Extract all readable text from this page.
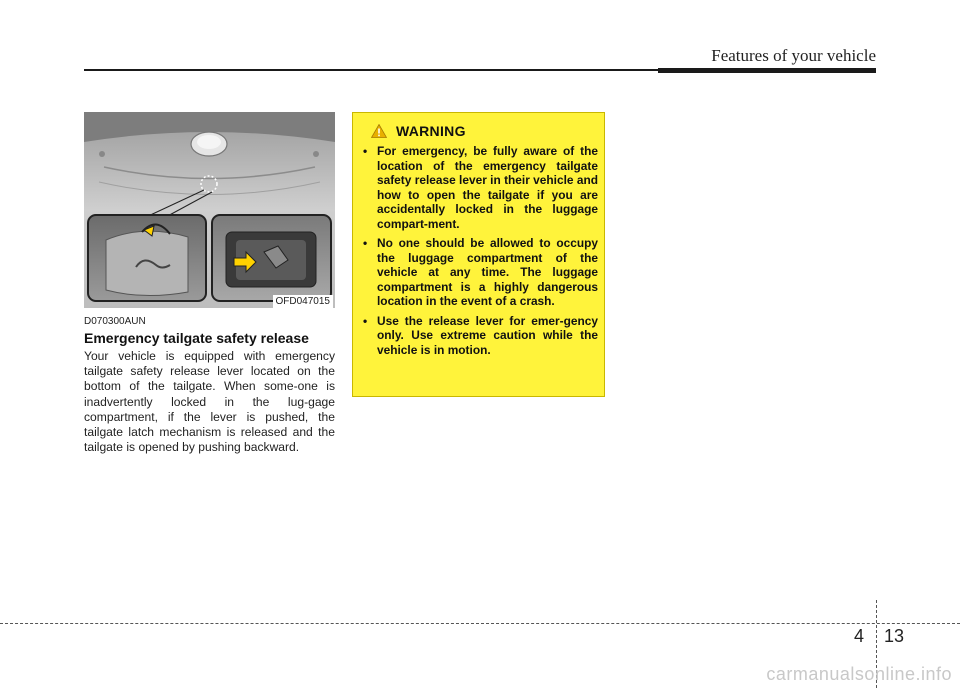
Features of your vehicle
OFD047015
D070300AUN
Emergency tailgate safety release
Your vehicle is equipped with emergency tailgate safety release lever located on the bottom of the tailgate. When some-one is inadvertently locked in the lug-gage compartment, if the lever is pushed, the tailgate latch mechanism is released and the tailgate is opened by pushing backward.
WARNING
• For emergency, be fully aware of the location of the emergency tailgate safety release lever in their vehicle and how to open the tailgate if you are accidentally locked in the luggage compart-ment.
• No one should be allowed to occupy the luggage compartment of the vehicle at any time. The luggage compartment is a highly dangerous location in the event of a crash.
• Use the release lever for emer-gency only. Use extreme caution while the vehicle is in motion.
4 13
carmanualsonline.info
